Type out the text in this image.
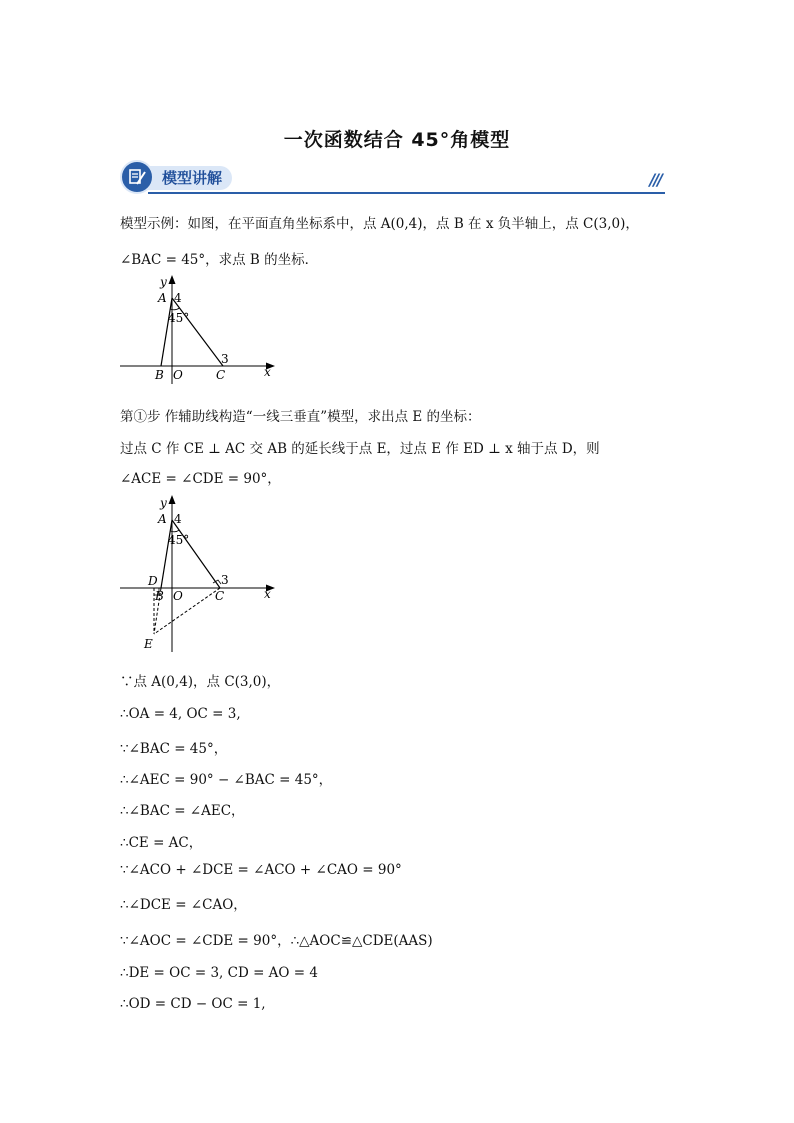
一次函数结合 45°角模型
模型讲解	///
模型示例：如图，在平面直角坐标系中，点 A(0,4)，点 B 在 x 负半轴上，点 C(3,0)，
∠BAC = 45°，求点 B 的坐标．
y
A 4
45°
3
B O	C	x
第①步 作辅助线构造“一线三垂直”模型，求出点 E 的坐标：
过点 C 作 CE ⊥ AC 交 AB 的延长线于点 E，过点 E 作 ED ⊥ x 轴于点 D，则
∠ACE = ∠CDE = 90°，
y
A 4
45°
3
D
B O	C	x
E
∵点 A(0,4)，点 C(3,0)，
∴OA = 4, OC = 3,
∵∠BAC = 45°，
∴∠AEC = 90° − ∠BAC = 45°，
∴∠BAC = ∠AEC，
∴CE = AC，
∵∠ACO + ∠DCE = ∠ACO + ∠CAO = 90°
∴∠DCE = ∠CAO，
∵∠AOC = ∠CDE = 90°，∴△AOC≌△CDE(AAS)
∴DE = OC = 3, CD = AO = 4
∴OD = CD − OC = 1,
